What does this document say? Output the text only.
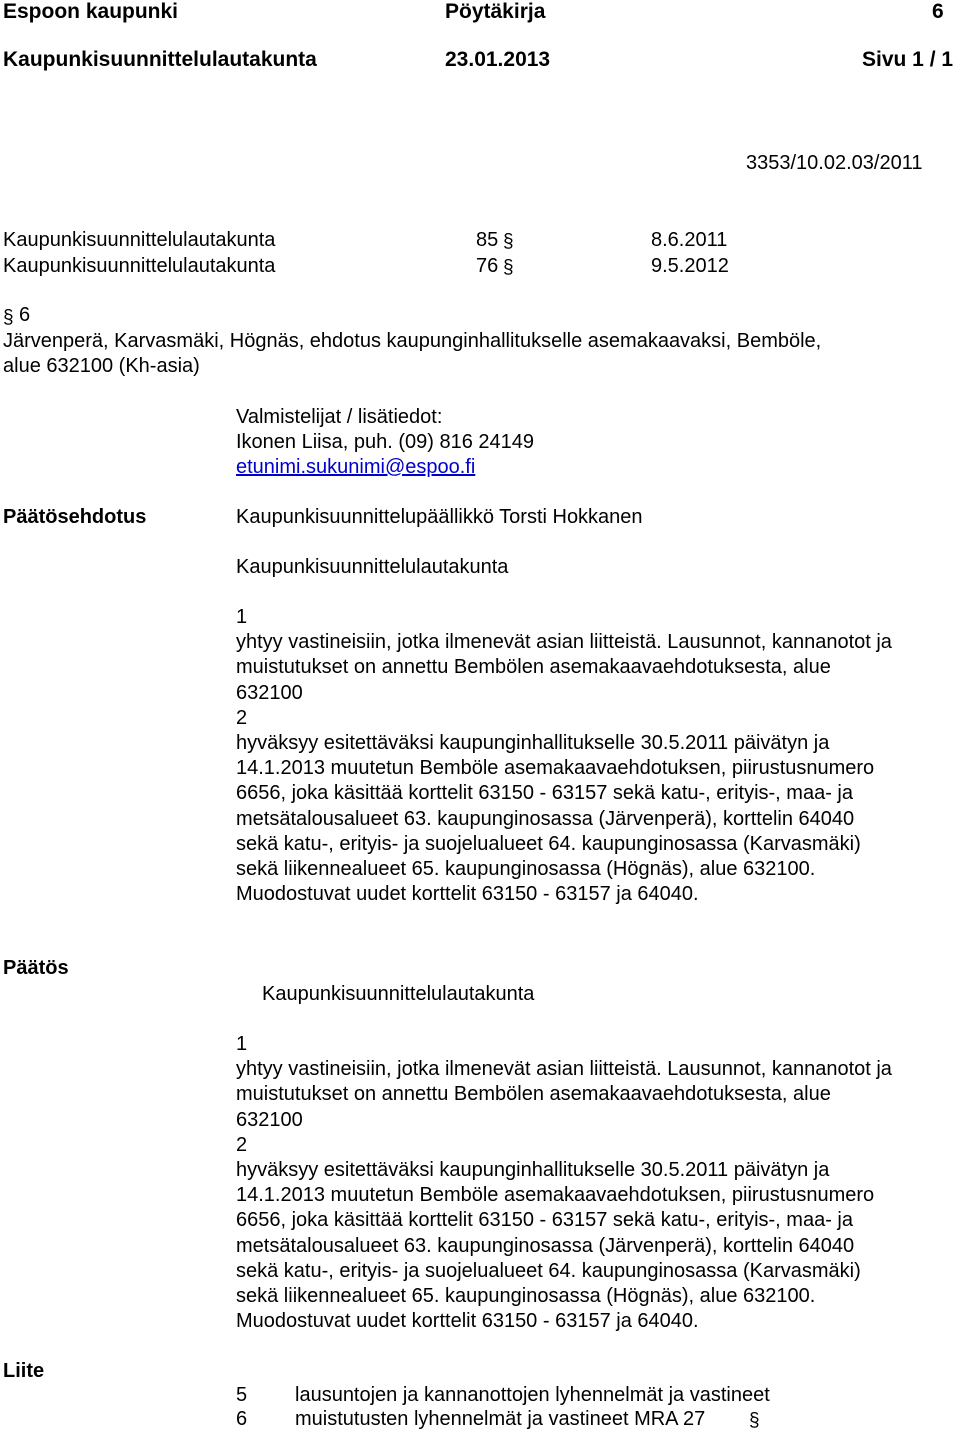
Espoon kaupunki	Pöytäkirja	6
Kaupunkisuunnittelulautakunta	23.01.2013	Sivu 1 / 1
3353/10.02.03/2011
Kaupunkisuunnittelulautakunta	85 §	8.6.2011
Kaupunkisuunnittelulautakunta	76 §	9.5.2012
§ 6
Järvenperä, Karvasmäki, Högnäs, ehdotus kaupunginhallitukselle asemakaavaksi, Bemböle,
alue 632100 (Kh-asia)
Valmistelijat / lisätiedot:
Ikonen Liisa, puh. (09) 816 24149
etunimi.sukunimi@espoo.fi
Päätösehdotus	Kaupunkisuunnittelupäällikkö Torsti Hokkanen
Kaupunkisuunnittelulautakunta
1
yhtyy vastineisiin, jotka ilmenevät asian liitteistä. Lausunnot, kannanotot ja
muistutukset on annettu Bembölen asemakaavaehdotuksesta, alue
632100
2
hyväksyy esitettäväksi kaupunginhallitukselle 30.5.2011 päivätyn ja
14.1.2013 muutetun Bemböle asemakaavaehdotuksen, piirustusnumero
6656, joka käsittää korttelit 63150 - 63157 sekä katu-, erityis-, maa- ja
metsätalousalueet 63. kaupunginosassa (Järvenperä), korttelin 64040
sekä katu-, erityis- ja suojelualueet 64. kaupunginosassa (Karvasmäki)
sekä liikennealueet 65. kaupunginosassa (Högnäs), alue 632100.
Muodostuvat uudet korttelit 63150 - 63157 ja 64040.
Päätös
Kaupunkisuunnittelulautakunta
1
yhtyy vastineisiin, jotka ilmenevät asian liitteistä. Lausunnot, kannanotot ja
muistutukset on annettu Bembölen asemakaavaehdotuksesta, alue
632100
2
hyväksyy esitettäväksi kaupunginhallitukselle 30.5.2011 päivätyn ja
14.1.2013 muutetun Bemböle asemakaavaehdotuksen, piirustusnumero
6656, joka käsittää korttelit 63150 - 63157 sekä katu-, erityis-, maa- ja
metsätalousalueet 63. kaupunginosassa (Järvenperä), korttelin 64040
sekä katu-, erityis- ja suojelualueet 64. kaupunginosassa (Karvasmäki)
sekä liikennealueet 65. kaupunginosassa (Högnäs), alue 632100.
Muodostuvat uudet korttelit 63150 - 63157 ja 64040.
Liite
5 lausuntojen ja kannanottojen lyhennelmät ja vastineet
6 muistutusten lyhennelmät ja vastineet MRA 27 §
